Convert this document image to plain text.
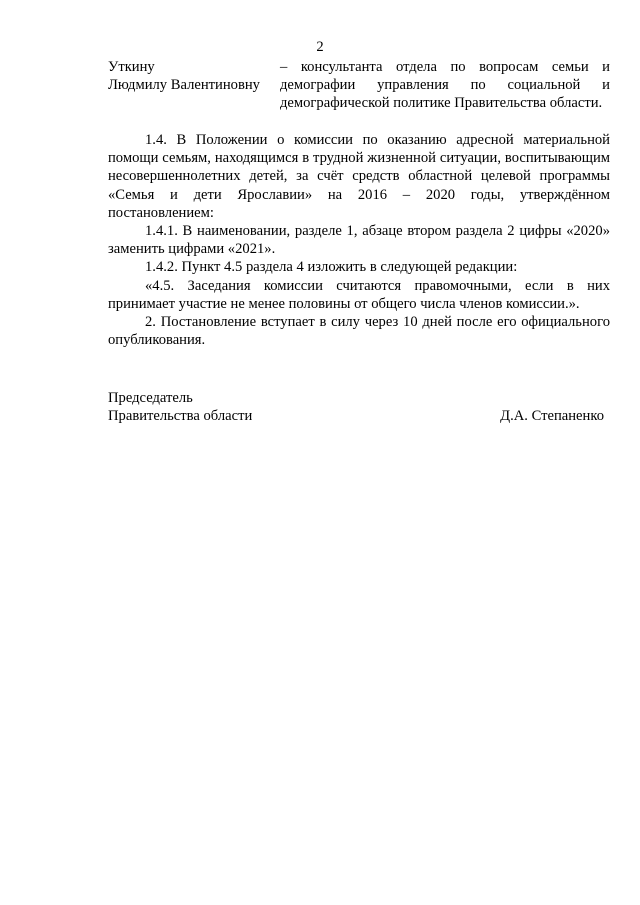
2
Уткину
Людмилу Валентиновну
– консультанта отдела по вопросам семьи и демографии управления по социальной и демографической политике Правительства области.

1.4. В Положении о комиссии по оказанию адресной материальной помощи семьям, находящимся в трудной жизненной ситуации, воспитывающим несовершеннолетних детей, за счёт средств областной целевой программы «Семья и дети Ярославии» на 2016 – 2020 годы, утверждённом постановлением:

1.4.1. В наименовании, разделе 1, абзаце втором раздела 2 цифры «2020» заменить цифрами «2021».

1.4.2. Пункт 4.5 раздела 4 изложить в следующей редакции:

«4.5. Заседания комиссии считаются правомочными, если в них принимает участие не менее половины от общего числа членов комиссии.».

2. Постановление вступает в силу через 10 дней после его официального опубликования.

Председатель
Правительства области	Д.А. Степаненко
